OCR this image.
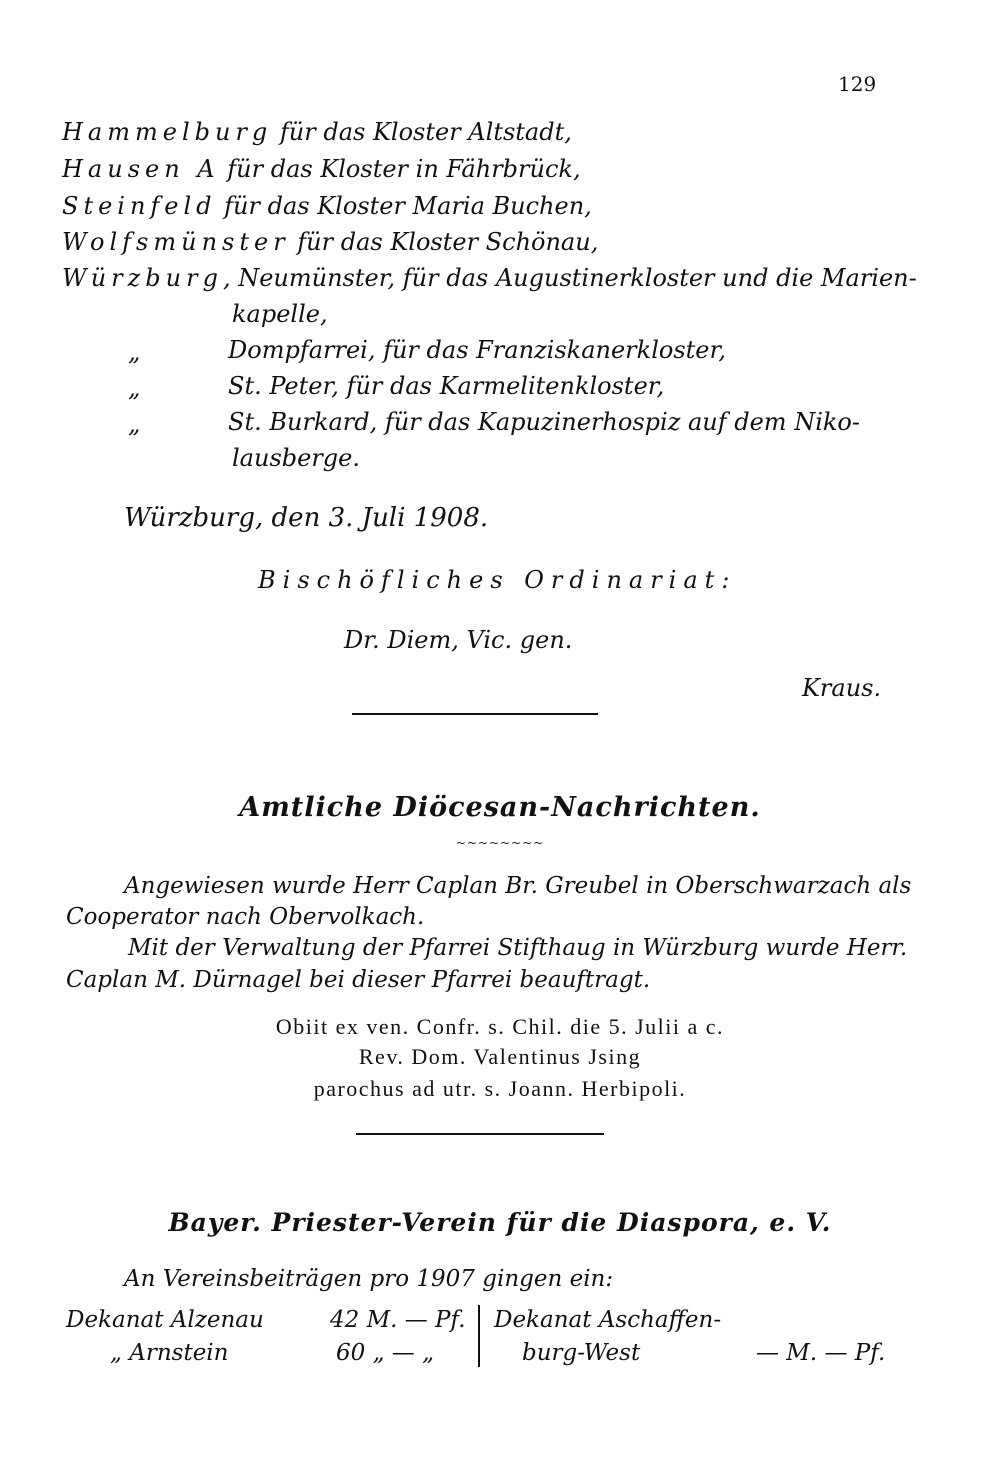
129
Hammelburg für das Kloster Altstadt,
Hausen A für das Kloster in Fährbrück,
Steinfeld für das Kloster Maria Buchen,
Wolfsmünster für das Kloster Schönau,
Würzburg, Neumünster, für das Augustinerkloster und die Marien-
kapelle,
„	Dompfarrei, für das Franziskanerkloster,
„	St. Peter, für das Karmelitenkloster,
„	St. Burkard, für das Kapuzinerhospiz auf dem Niko-
lausberge.
Würzburg, den 3. Juli 1908.
Bischöfliches Ordinariat:
Dr. Diem, Vic. gen.
Kraus.
Amtliche Diöcesan-Nachrichten.
~~~~~~~~
Angewiesen wurde Herr Caplan Br. Greubel in Oberschwarzach als
Cooperator nach Obervolkach.
Mit der Verwaltung der Pfarrei Stifthaug in Würzburg wurde Herr.
Caplan M. Dürnagel bei dieser Pfarrei beauftragt.
Obiit ex ven. Confr. s. Chil. die 5. Julii a c.
Rev. Dom. Valentinus Jsing
parochus ad utr. s. Joann. Herbipoli.
Bayer. Priester-Verein für die Diaspora, e. V.
An Vereinsbeiträgen pro 1907 gingen ein:
Dekanat Alzenau	42 M. — Pf.
„ Arnstein	60 „ — „
Dekanat Aschaffen-
burg-West	— M. — Pf.
